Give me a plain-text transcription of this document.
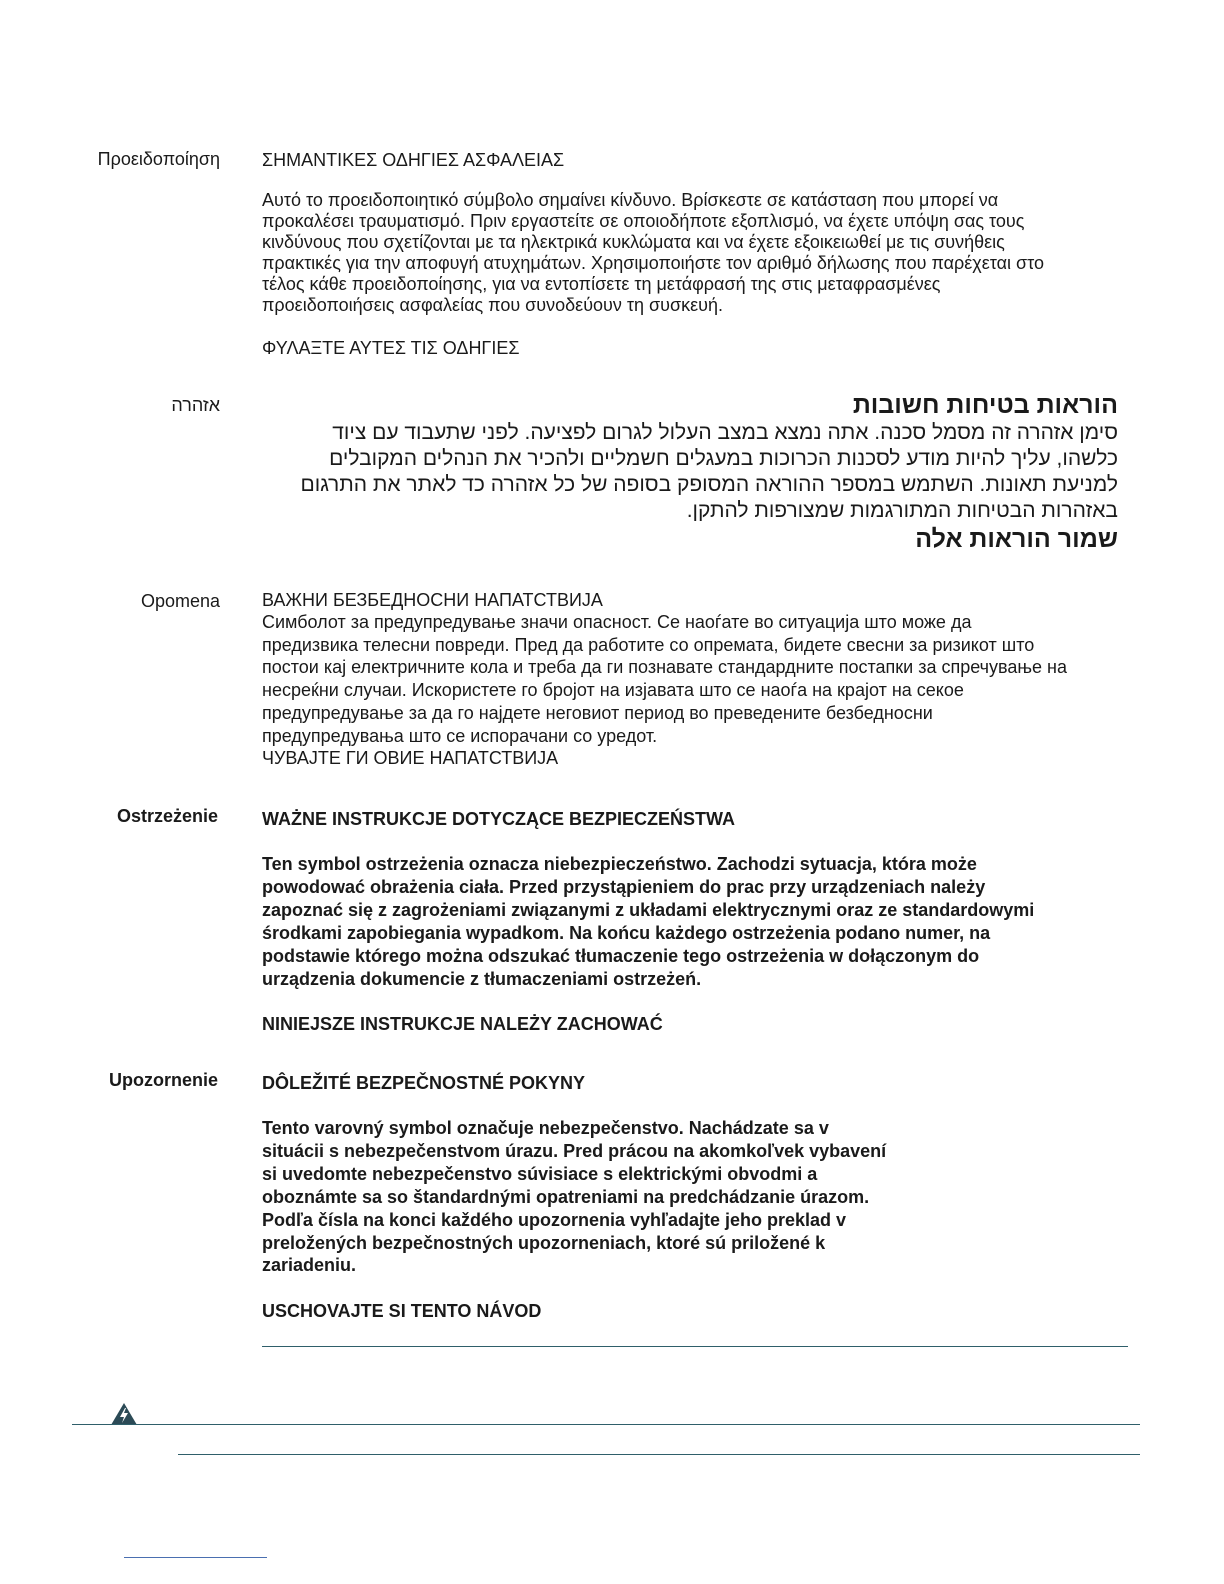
Προειδοποίηση ΣΗΜΑΝΤΙΚΕΣ ΟΔΗΓΙΕΣ ΑΣΦΑΛΕΙΑΣ

Αυτό το προειδοποιητικό σύμβολο σημαίνει κίνδυνο. Βρίσκεστε σε κατάσταση που μπορεί να

προκαλέσει τραυματισμό. Πριν εργαστείτε σε οποιοδήποτε εξοπλισμό, να έχετε υπόψη σας τους

κινδύνους που σχετίζονται με τα ηλεκτρικά κυκλώματα και να έχετε εξοικειωθεί με τις συνήθεις

πρακτικές για την αποφυγή ατυχημάτων. Χρησιμοποιήστε τον αριθμό δήλωσης που παρέχεται στο

τέλος κάθε προειδοποίησης, για να εντοπίσετε τη μετάφρασή της στις μεταφρασμένες

προειδοποιήσεις ασφαλείας που συνοδεύουν τη συσκευή.

ΦΥΛΑΞΤΕ ΑΥΤΕΣ ΤΙΣ ΟΔΗΓΙΕΣ
אזהרה	הוראות בטיחות חשובות

סימן אזהרה זה מסמל סכנה. אתה נמצא במצב העלול לגרום לפציעה. לפני שתעבוד עם ציוד

כלשהו, עליך להיות מודע לסכנות הכרוכות במעגלים חשמליים ולהכיר את הנהלים המקובלים

למניעת תאונות. השתמש במספר ההוראה המסופק בסופה של כל אזהרה כד לאתר את התרגום

באזהרות הבטיחות המתורגמות שמצורפות להתקן.

שמור הוראות אלה
Opomena ВАЖНИ БЕЗБЕДНОСНИ НАПАТСТВИЈА

Симболот за предупредување значи опасност. Се наоѓате во ситуација што може да

предизвика телесни повреди. Пред да работите со опремата, бидете свесни за ризикот што

постои кај електричните кола и треба да ги познавате стандардните постапки за спречување на

несреќни случаи. Искористете го бројот на изјавата што се наоѓа на крајот на секое

предупредување за да го најдете неговиот период во преведените безбедносни

предупредувања што се испорачани со уредот.

ЧУВАЈТЕ ГИ ОВИЕ НАПАТСТВИЈА
Ostrzeżenie WAŻNE INSTRUKCJE DOTYCZĄCE BEZPIECZEŃSTWA

Ten symbol ostrzeżenia oznacza niebezpieczeństwo. Zachodzi sytuacja, która może

powodować obrażenia ciała. Przed przystąpieniem do prac przy urządzeniach należy

zapoznać się z zagrożeniami związanymi z układami elektrycznymi oraz ze standardowymi

środkami zapobiegania wypadkom. Na końcu każdego ostrzeżenia podano numer, na

podstawie którego można odszukać tłumaczenie tego ostrzeżenia w dołączonym do

urządzenia dokumencie z tłumaczeniami ostrzeżeń.

NINIEJSZE INSTRUKCJE NALEŻY ZACHOWAĆ
Upozornenie DÔLEŽITÉ BEZPEČNOSTNÉ POKYNY

Tento varovný symbol označuje nebezpečenstvo. Nachádzate sa v

situácii s nebezpečenstvom úrazu. Pred prácou na akomkoľvek vybavení

si uvedomte nebezpečenstvo súvisiace s elektrickými obvodmi a

oboznámte sa so štandardnými opatreniami na predchádzanie úrazom.

Podľa čísla na konci každého upozornenia vyhľadajte jeho preklad v

preložených bezpečnostných upozorneniach, ktoré sú priložené k

zariadeniu.

USCHOVAJTE SI TENTO NÁVOD
